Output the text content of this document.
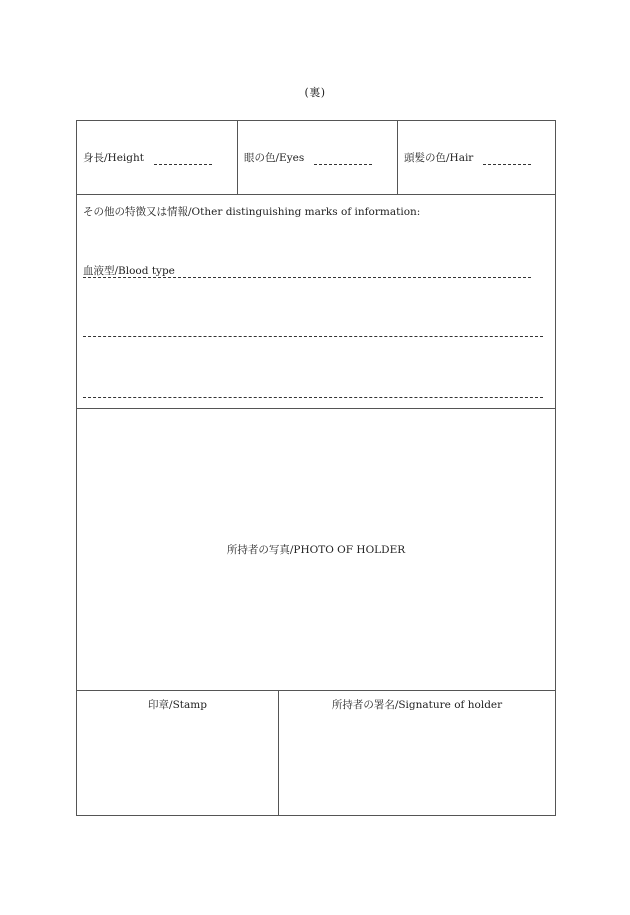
(裏)
身長/Height	眼の色/Eyes	頭髪の色/Hair
その他の特徴又は情報/Other distinguishing marks of information:
血液型/Blood type
所持者の写真/PHOTO OF HOLDER
印章/Stamp	所持者の署名/Signature of holder
